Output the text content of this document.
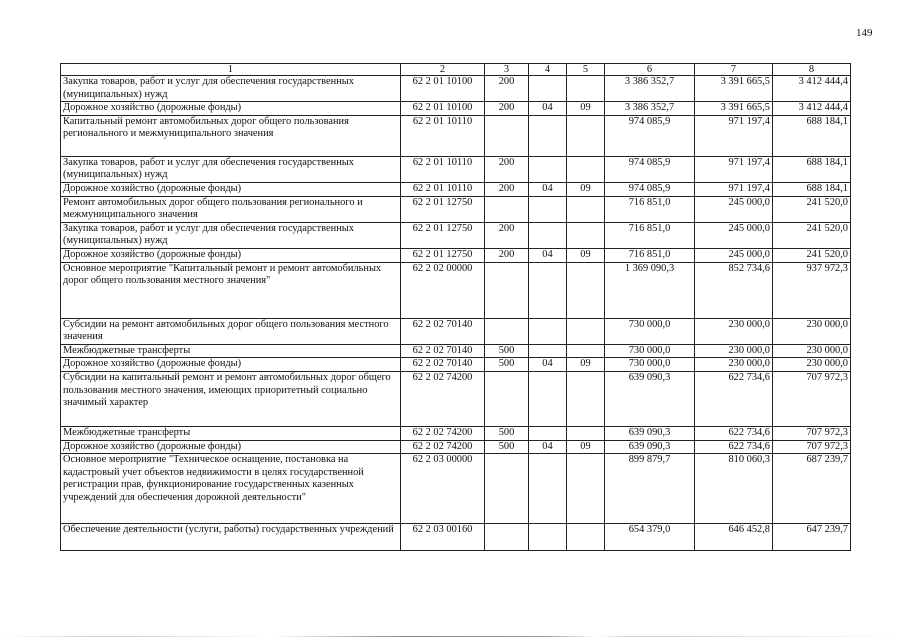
149
1	2	3	4	5	6	7	8
Закупка товаров, работ и услуг для обеспечения государственных (муниципальных) нужд	62 2 01 10100	200			3 386 352,7	3 391 665,5	3 412 444,4
Дорожное хозяйство (дорожные фонды)	62 2 01 10100	200	04	09	3 386 352,7	3 391 665,5	3 412 444,4
Капитальный ремонт автомобильных дорог общего пользования регионального и межмуниципального значения	62 2 01 10110				974 085,9	971 197,4	688 184,1
Закупка товаров, работ и услуг для обеспечения государственных (муниципальных) нужд	62 2 01 10110	200			974 085,9	971 197,4	688 184,1
Дорожное хозяйство (дорожные фонды)	62 2 01 10110	200	04	09	974 085,9	971 197,4	688 184,1
Ремонт автомобильных дорог общего пользования регионального и межмуниципального значения	62 2 01 12750				716 851,0	245 000,0	241 520,0
Закупка товаров, работ и услуг для обеспечения государственных (муниципальных) нужд	62 2 01 12750	200			716 851,0	245 000,0	241 520,0
Дорожное хозяйство (дорожные фонды)	62 2 01 12750	200	04	09	716 851,0	245 000,0	241 520,0
Основное мероприятие "Капитальный ремонт и ремонт автомобильных дорог общего пользования местного значения"	62 2 02 00000				1 369 090,3	852 734,6	937 972,3
Субсидии на ремонт автомобильных дорог общего пользования местного значения	62 2 02 70140				730 000,0	230 000,0	230 000,0
Межбюджетные трансферты	62 2 02 70140	500			730 000,0	230 000,0	230 000,0
Дорожное хозяйство (дорожные фонды)	62 2 02 70140	500	04	09	730 000,0	230 000,0	230 000,0
Субсидии на капитальный ремонт и ремонт автомобильных дорог общего пользования местного значения, имеющих приоритетный социально значимый характер	62 2 02 74200				639 090,3	622 734,6	707 972,3
Межбюджетные трансферты	62 2 02 74200	500			639 090,3	622 734,6	707 972,3
Дорожное хозяйство (дорожные фонды)	62 2 02 74200	500	04	09	639 090,3	622 734,6	707 972,3
Основное мероприятие "Техническое оснащение, постановка на кадастровый учет объектов недвижимости в целях государственной регистрации прав, функционирование государственных казенных учреждений для обеспечения дорожной деятельности"	62 2 03 00000				899 879,7	810 060,3	687 239,7
Обеспечение деятельности (услуги, работы) государственных учреждений	62 2 03 00160				654 379,0	646 452,8	647 239,7
